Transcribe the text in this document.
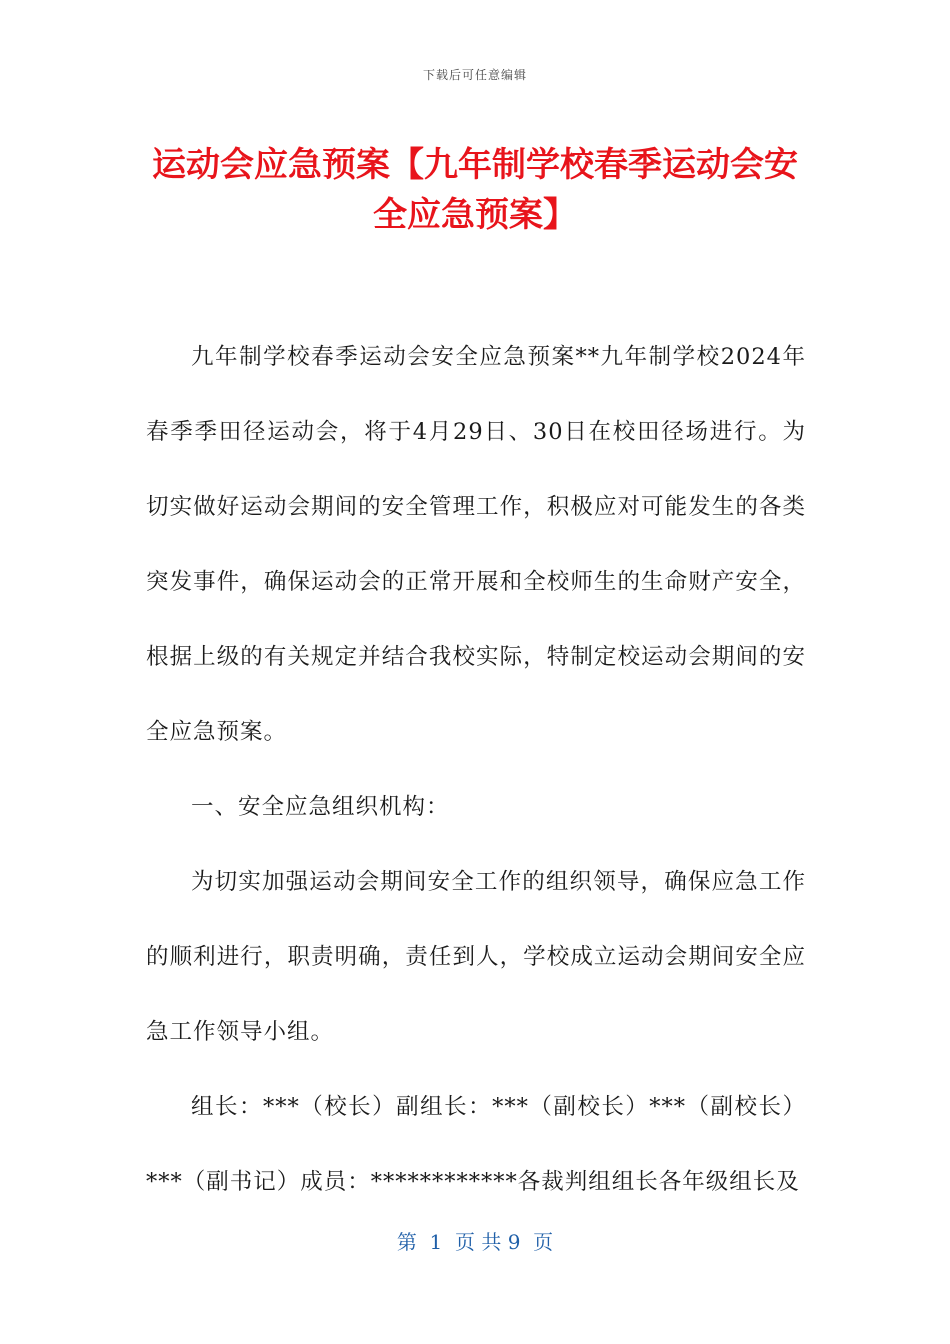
下载后可任意编辑
运动会应急预案【九年制学校春季运动会安全应急预案】

九年制学校春季运动会安全应急预案**九年制学校2024年春季季田径运动会，将于4月29日、30日在校田径场进行。为切实做好运动会期间的安全管理工作，积极应对可能发生的各类突发事件，确保运动会的正常开展和全校师生的生命财产安全，根据上级的有关规定并结合我校实际，特制定校运动会期间的安全应急预案。

一、安全应急组织机构：

为切实加强运动会期间安全工作的组织领导，确保应急工作的顺利进行，职责明确，责任到人，学校成立运动会期间安全应急工作领导小组。

组长：***（校长）副组长：***（副校长）***（副校长）***（副书记）成员：************各裁判组组长各年级组长及

第  1  页 共 9  页
